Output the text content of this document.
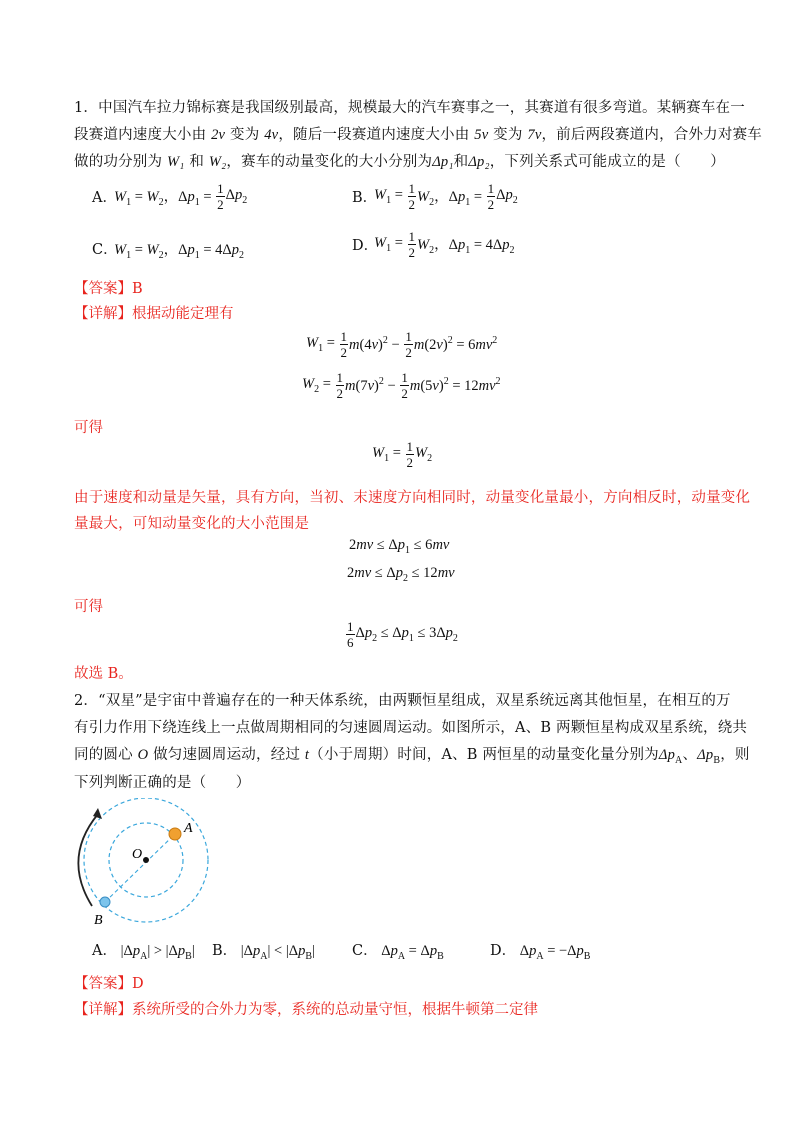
1．中国汽车拉力锦标赛是我国级别最高，规模最大的汽车赛事之一，其赛道有很多弯道。某辆赛车在一
段赛道内速度大小由 2v 变为 4v，随后一段赛道内速度大小由 5v 变为 7v，前后两段赛道内，合外力对赛车
做的功分别为 W₁ 和 W₂，赛车的动量变化的大小分别为Δp₁和Δp₂，下列关系式可能成立的是（　　）
A．$W_1 = W_2$，$\Delta p_1 = \frac{1}{2} \Delta p_2$	B．$W_1 = \frac{1}{2} W_2$，$\Delta p_1 = \frac{1}{2} \Delta p_2$
C．$W_1 = W_2$，$\Delta p_1 = 4\Delta p_2$
D．$W_1 = \frac{1}{2} W_2$，$\Delta p_1 = 4\Delta p_2$
【答案】B
【详解】根据动能定理有
$W_1 = \frac{1}{2} m(4v)^2 - \frac{1}{2} m(2v)^2 = 6mv^2$
$W_2 = \frac{1}{2} m(7v)^2 - \frac{1}{2} m(5v)^2 = 12mv^2$
可得
$W_1 = \frac{1}{2} W_2$
由于速度和动量是矢量，具有方向，当初、末速度方向相同时，动量变化量最小，方向相反时，动量变化
量最大，可知动量变化的大小范围是
$2mv \le \Delta p_1 \le 6mv$
$2mv \le \Delta p_2 \le 12mv$
可得
$\frac{1}{6} \Delta p_2 \le \Delta p_1 \le 3\Delta p_2$
故选 B。
2．“双星”是宇宙中普遍存在的一种天体系统，由两颗恒星组成，双星系统远离其他恒星，在相互的万
有引力作用下绕连线上一点做周期相同的匀速圆周运动。如图所示，A、B 两颗恒星构成双星系统，绕共
同的圆心 O 做匀速圆周运动，经过 t（小于周期）时间，A、B 两恒星的动量变化量分别为$\Delta p_A$、$\Delta p_B$，则
下列判断正确的是（　　）
A
O
B
A． $|\Delta p_A| > |\Delta p_B|$ B． $|\Delta p_A| < |\Delta p_B|$	C． $\Delta p_A = \Delta p_B$	D． $\Delta p_A = -\Delta p_B$
【答案】D
【详解】系统所受的合外力为零，系统的总动量守恒，根据牛顿第二定律
